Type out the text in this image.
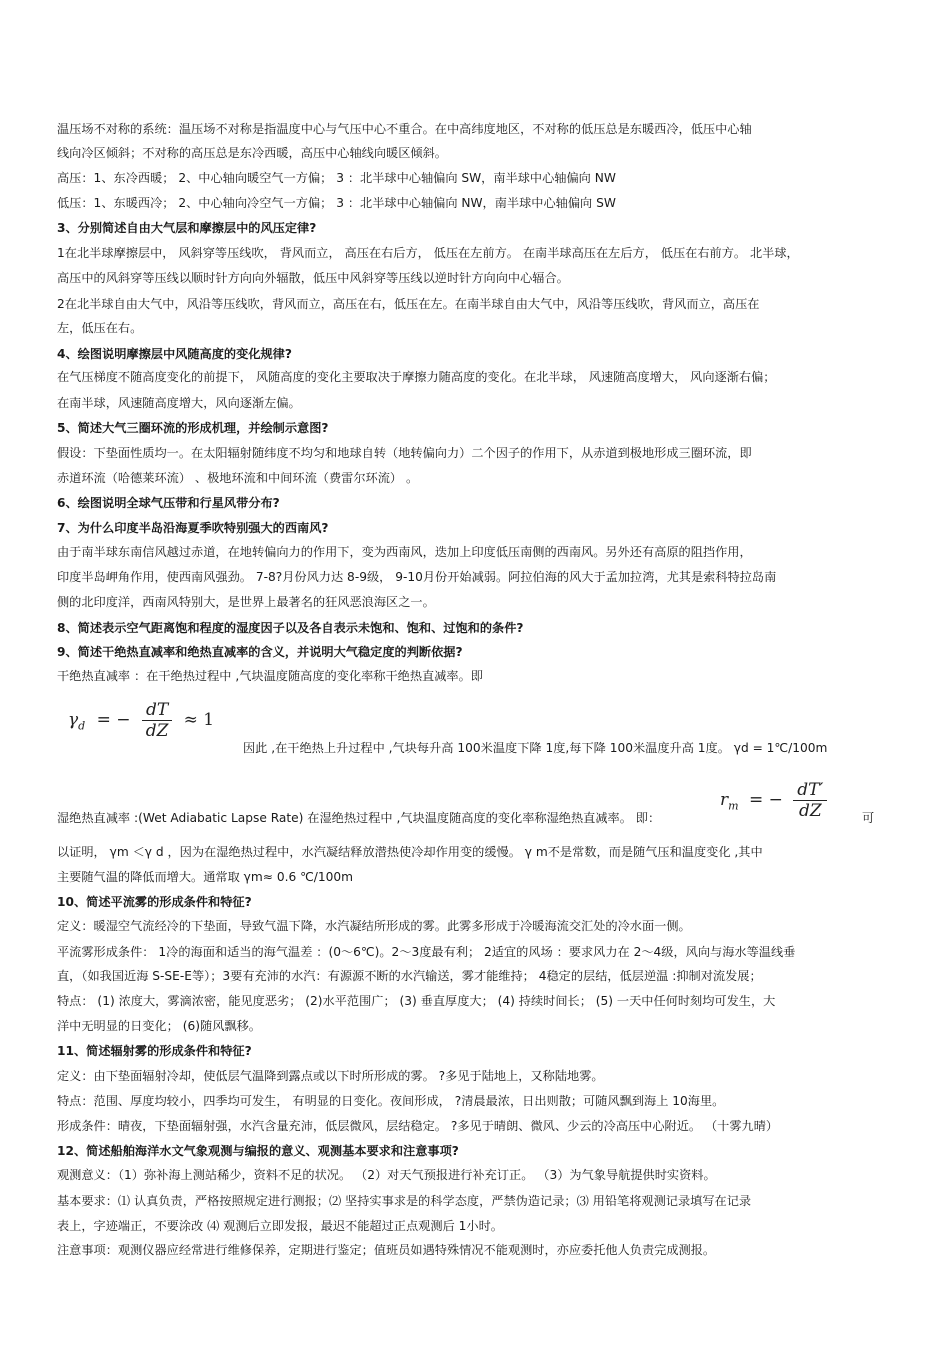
温压场不对称的系统：温压场不对称是指温度中心与气压中心不重合。在中高纬度地区，不对称的低压总是东暖西冷，低压中心轴
线向冷区倾斜；不对称的高压总是东冷西暖，高压中心轴线向暖区倾斜。
高压：1、东冷西暖； 2、中心轴向暖空气一方偏； 3 ：北半球中心轴偏向 SW，南半球中心轴偏向 NW
低压：1、东暖西冷； 2、中心轴向冷空气一方偏； 3 ：北半球中心轴偏向 NW，南半球中心轴偏向 SW
3、分别简述自由大气层和摩擦层中的风压定律?
1在北半球摩擦层中， 风斜穿等压线吹， 背风而立， 高压在右后方， 低压在左前方。 在南半球高压在左后方， 低压在右前方。 北半球，
高压中的风斜穿等压线以顺时针方向向外辐散，低压中风斜穿等压线以逆时针方向向中心辐合。
2在北半球自由大气中，风沿等压线吹，背风而立，高压在右，低压在左。在南半球自由大气中，风沿等压线吹，背风而立，高压在
左，低压在右。
4、绘图说明摩擦层中风随高度的变化规律?
在气压梯度不随高度变化的前提下， 风随高度的变化主要取决于摩擦力随高度的变化。在北半球， 风速随高度增大， 风向逐渐右偏；
在南半球，风速随高度增大，风向逐渐左偏。
5、简述大气三圈环流的形成机理，并绘制示意图?
假设：下垫面性质均一。在太阳辐射随纬度不均匀和地球自转（地转偏向力）二个因子的作用下，从赤道到极地形成三圈环流，即
赤道环流（哈德莱环流） 、极地环流和中间环流（费雷尔环流） 。
6、绘图说明全球气压带和行星风带分布?
7、为什么印度半岛沿海夏季吹特别强大的西南风?
由于南半球东南信风越过赤道，在地转偏向力的作用下，变为西南风，迭加上印度低压南侧的西南风。另外还有高原的阻挡作用，
印度半岛岬角作用，使西南风强劲。 7-8?月份风力达 8-9级， 9-10月份开始减弱。阿拉伯海的风大于孟加拉湾，尤其是索科特拉岛南
侧的北印度洋，西南风特别大，是世界上最著名的狂风恶浪海区之一。
8、简述表示空气距离饱和程度的湿度因子以及各自表示未饱和、饱和、过饱和的条件?
9、简述干绝热直减率和绝热直减率的含义，并说明大气稳定度的判断依据?
干绝热直减率 ：在干绝热过程中 ,气块温度随高度的变化率称干绝热直减率。即
$\gamma_d$ = − $\frac{dT}{dZ} \approx 1$
因此 ,在干绝热上升过程中 ,气块每升高 100米温度下降 1度,每下降 100米温度升高 1度。 γd = 1℃/100m
$r_m$ = − $\frac{dT'}{dZ}$
湿绝热直减率 :(Wet Adiabatic Lapse Rate) 在湿绝热过程中 ,气块温度随高度的变化率称湿绝热直减率。 即：	可
以证明， γm ＜γ d ，因为在湿绝热过程中，水汽凝结释放潜热使冷却作用变的缓慢。 γ m不是常数，而是随气压和温度变化 ,其中
主要随气温的降低而增大。通常取 γm≈ 0.6 ℃/100m
10、简述平流雾的形成条件和特征?
定义：暖湿空气流经冷的下垫面，导致气温下降，水汽凝结所形成的雾。此雾多形成于冷暖海流交汇处的冷水面一侧。
平流雾形成条件： 1冷的海面和适当的海气温差 ：(0～6℃)。2～3度最有利； 2适宜的风场 ：要求风力在 2～4级，风向与海水等温线垂
直，（如我国近海 S-SE-E等）；3要有充沛的水汽：有源源不断的水汽输送，雾才能维持； 4稳定的层结，低层逆温 :抑制对流发展；
特点： (1) 浓度大，雾滴浓密，能见度恶劣； (2)水平范围广； (3) 垂直厚度大； (4) 持续时间长； (5) 一天中任何时刻均可发生，大
洋中无明显的日变化； (6)随风飘移。
11、简述辐射雾的形成条件和特征?
定义：由下垫面辐射冷却，使低层气温降到露点或以下时所形成的雾。 ?多见于陆地上，又称陆地雾。
特点：范围、厚度均较小，四季均可发生， 有明显的日变化。夜间形成， ?清晨最浓，日出则散；可随风飘到海上 10海里。
形成条件：晴夜，下垫面辐射强，水汽含量充沛，低层微风，层结稳定。 ?多见于晴朗、微风、少云的冷高压中心附近。 （十雾九晴）
12、简述船舶海洋水文气象观测与编报的意义、观测基本要求和注意事项?
观测意义：（1）弥补海上测站稀少，资料不足的状况。 （2）对天气预报进行补充订正。 （3）为气象导航提供时实资料。
基本要求：⑴ 认真负责，严格按照规定进行测报；⑵ 坚持实事求是的科学态度，严禁伪造记录；⑶ 用铅笔将观测记录填写在记录
表上，字迹端正，不要涂改 ⑷ 观测后立即发报，最迟不能超过正点观测后 1小时。
注意事项：观测仪器应经常进行维修保养，定期进行鉴定；值班员如遇特殊情况不能观测时，亦应委托他人负责完成测报。
